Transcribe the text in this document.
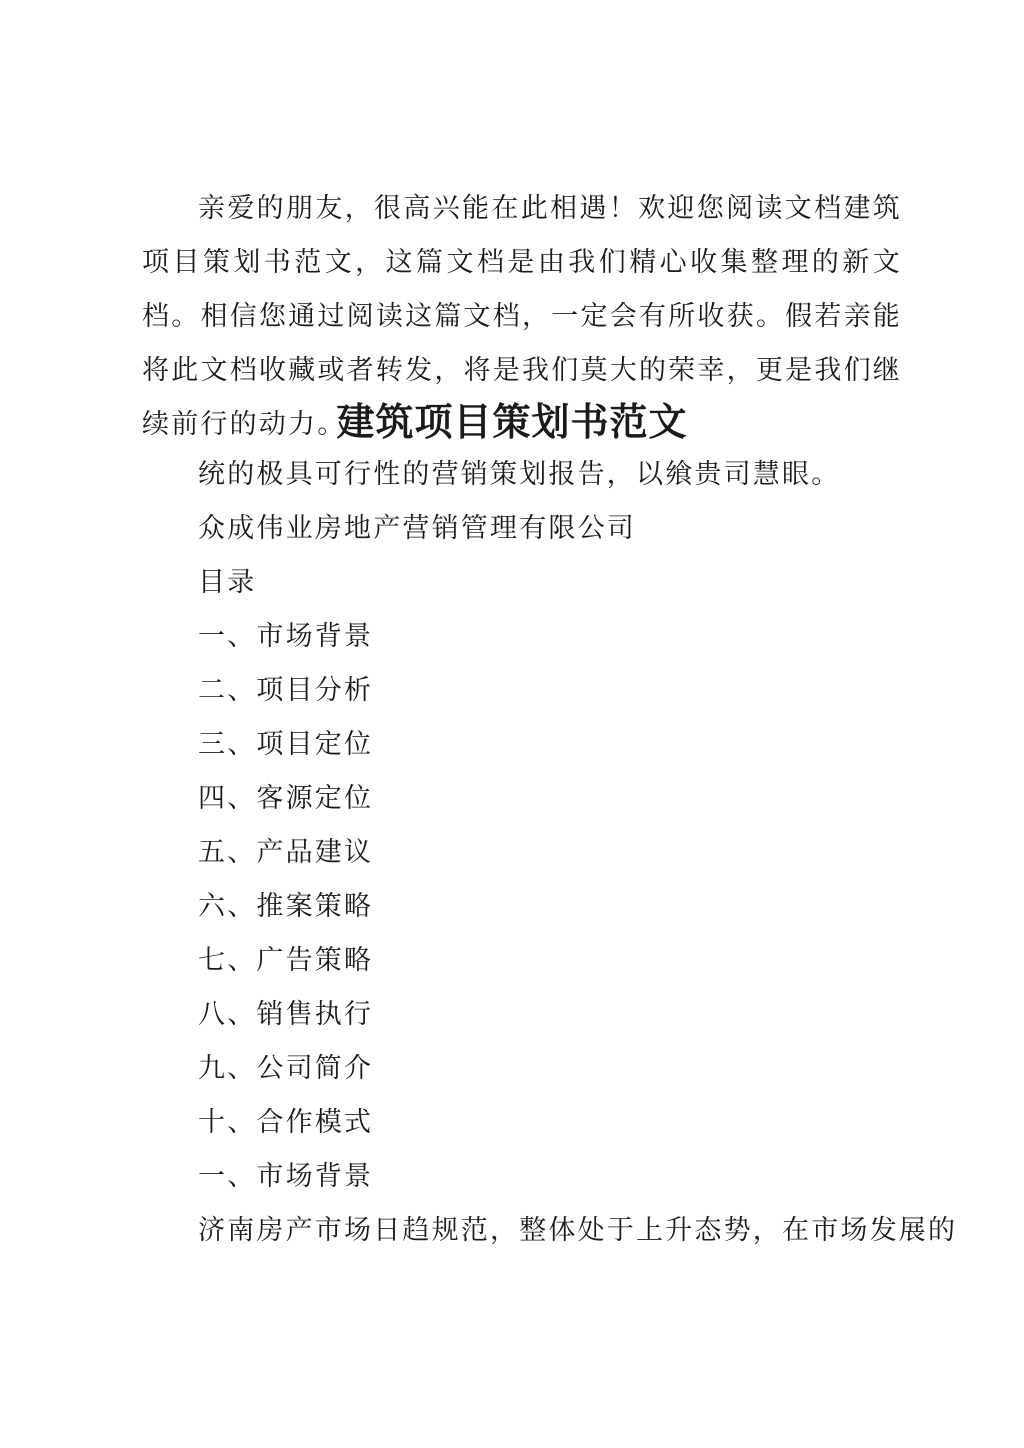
亲爱的朋友，很高兴能在此相遇！欢迎您阅读文档建筑项目策划书范文，这篇文档是由我们精心收集整理的新文档。相信您通过阅读这篇文档，一定会有所收获。假若亲能将此文档收藏或者转发，将是我们莫大的荣幸，更是我们继续前行的动力。

建筑项目策划书范文

统的极具可行性的营销策划报告，以飨贵司慧眼。

众成伟业房地产营销管理有限公司

目录

一、市场背景

二、项目分析

三、项目定位

四、客源定位

五、产品建议

六、推案策略

七、广告策略

八、销售执行

九、公司简介

十、合作模式

一、市场背景

济南房产市场日趋规范，整体处于上升态势，在市场发展的
